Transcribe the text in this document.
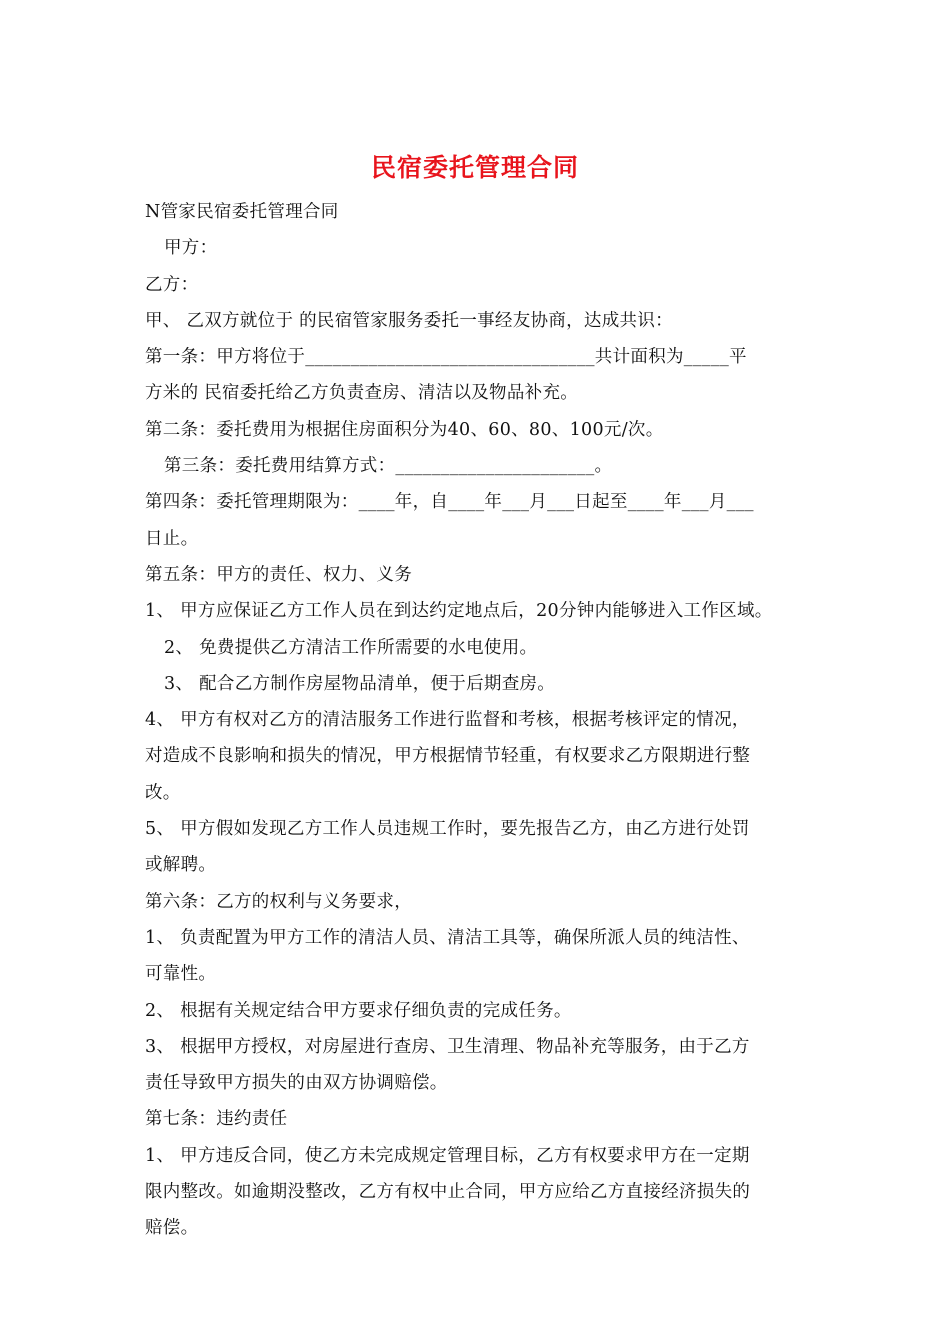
民宿委托管理合同
N管家民宿委托管理合同
甲方：
乙方：
甲、 乙双方就位于 的民宿管家服务委托一事经友协商，达成共识：
第一条：甲方将位于________________________________共计面积为_____平
方米的 民宿委托给乙方负责查房、清洁以及物品补充。
第二条：委托费用为根据住房面积分为40、60、80、100元/次。
第三条：委托费用结算方式：______________________。
第四条：委托管理期限为：____年，自____年___月___日起至____年___月___
日止。
第五条：甲方的责任、权力、义务
1、 甲方应保证乙方工作人员在到达约定地点后，20分钟内能够进入工作区域。
2、 免费提供乙方清洁工作所需要的水电使用。
3、 配合乙方制作房屋物品清单，便于后期查房。
4、 甲方有权对乙方的清洁服务工作进行监督和考核，根据考核评定的情况，
对造成不良影响和损失的情况，甲方根据情节轻重，有权要求乙方限期进行整
改。
5、 甲方假如发现乙方工作人员违规工作时，要先报告乙方，由乙方进行处罚
或解聘。
第六条：乙方的权利与义务要求，
1、 负责配置为甲方工作的清洁人员、清洁工具等，确保所派人员的纯洁性、
可靠性。
2、 根据有关规定结合甲方要求仔细负责的完成任务。
3、 根据甲方授权，对房屋进行查房、卫生清理、物品补充等服务，由于乙方
责任导致甲方损失的由双方协调赔偿。
第七条：违约责任
1、 甲方违反合同，使乙方未完成规定管理目标，乙方有权要求甲方在一定期
限内整改。如逾期没整改，乙方有权中止合同，甲方应给乙方直接经济损失的
赔偿。
